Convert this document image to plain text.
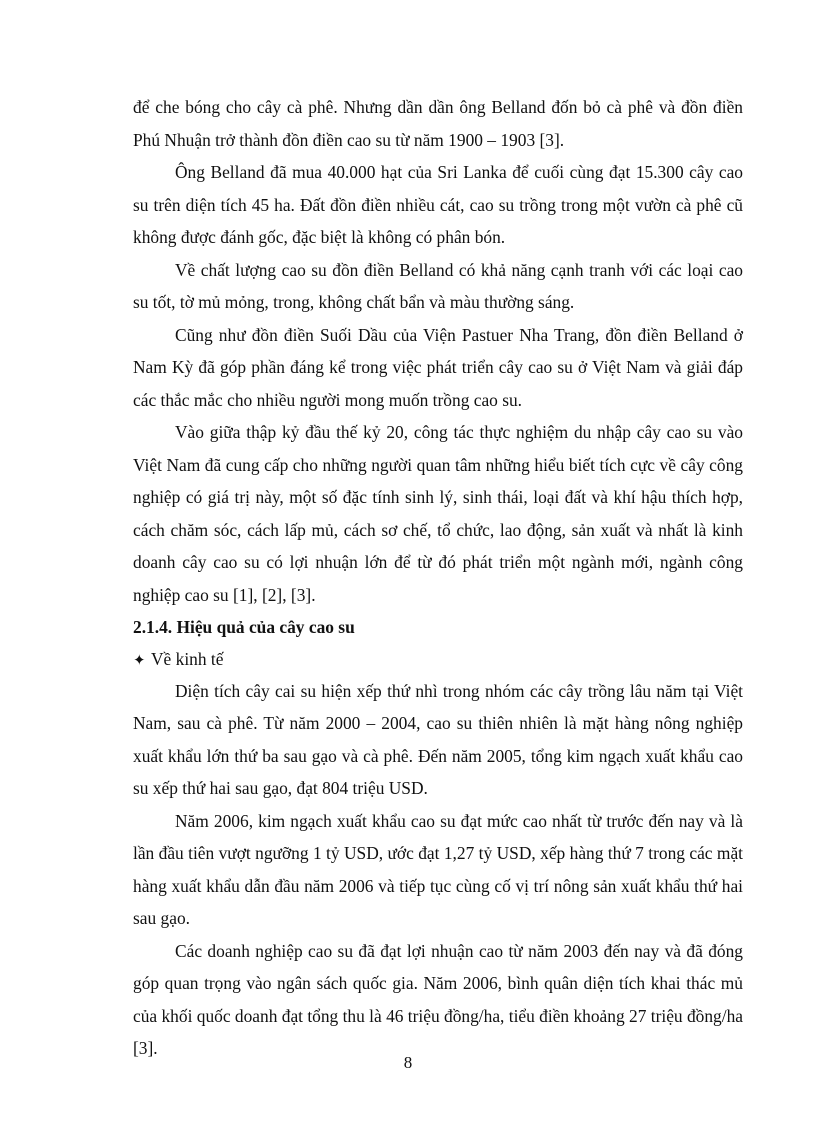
để che bóng cho cây cà phê. Nhưng dần dần ông Belland đốn bỏ cà phê và đồn điền Phú Nhuận trở thành đồn điền cao su từ năm 1900 – 1903 [3].

Ông Belland đã mua 40.000 hạt của Sri Lanka để cuối cùng đạt 15.300 cây cao su trên diện tích 45 ha. Đất đồn điền nhiều cát, cao su trồng trong một vườn cà phê cũ không được đánh gốc, đặc biệt là không có phân bón.

Về chất lượng cao su đồn điền Belland có khả năng cạnh tranh với các loại cao su tốt, tờ mủ mỏng, trong, không chất bẩn và màu thường sáng.

Cũng như đồn điền Suối Dầu của Viện Pastuer Nha Trang, đồn điền Belland ở Nam Kỳ đã góp phần đáng kể trong việc phát triển cây cao su ở Việt Nam và giải đáp các thắc mắc cho nhiều người mong muốn trồng cao su.

Vào giữa thập kỷ đầu thế kỷ 20, công tác thực nghiệm du nhập cây cao su vào Việt Nam đã cung cấp cho những người quan tâm những hiểu biết tích cực về cây công nghiệp có giá trị này, một số đặc tính sinh lý, sinh thái, loại đất và khí hậu thích hợp, cách chăm sóc, cách lấp mủ, cách sơ chế, tổ chức, lao động, sản xuất và nhất là kinh doanh cây cao su có lợi nhuận lớn để từ đó phát triển một ngành mới, ngành công nghiệp cao su [1], [2], [3].

2.1.4. Hiệu quả của cây cao su

✦ Về kinh tế

Diện tích cây cai su hiện xếp thứ nhì trong nhóm các cây trồng lâu năm tại Việt Nam, sau cà phê. Từ năm 2000 – 2004, cao su thiên nhiên là mặt hàng nông nghiệp xuất khẩu lớn thứ ba sau gạo và cà phê. Đến năm 2005, tổng kim ngạch xuất khẩu cao su xếp thứ hai sau gạo, đạt 804 triệu USD.

Năm 2006, kim ngạch xuất khẩu cao su đạt mức cao nhất từ trước đến nay và là lần đầu tiên vượt ngưỡng 1 tỷ USD, ước đạt 1,27 tỷ USD, xếp hàng thứ 7 trong các mặt hàng xuất khẩu dẫn đầu năm 2006 và tiếp tục cùng cố vị trí nông sản xuất khẩu thứ hai sau gạo.

Các doanh nghiệp cao su đã đạt lợi nhuận cao từ năm 2003 đến nay và đã đóng góp quan trọng vào ngân sách quốc gia. Năm 2006, bình quân diện tích khai thác mủ của khối quốc doanh đạt tổng thu là 46 triệu đồng/ha, tiểu điền khoảng 27 triệu đồng/ha [3].

8
